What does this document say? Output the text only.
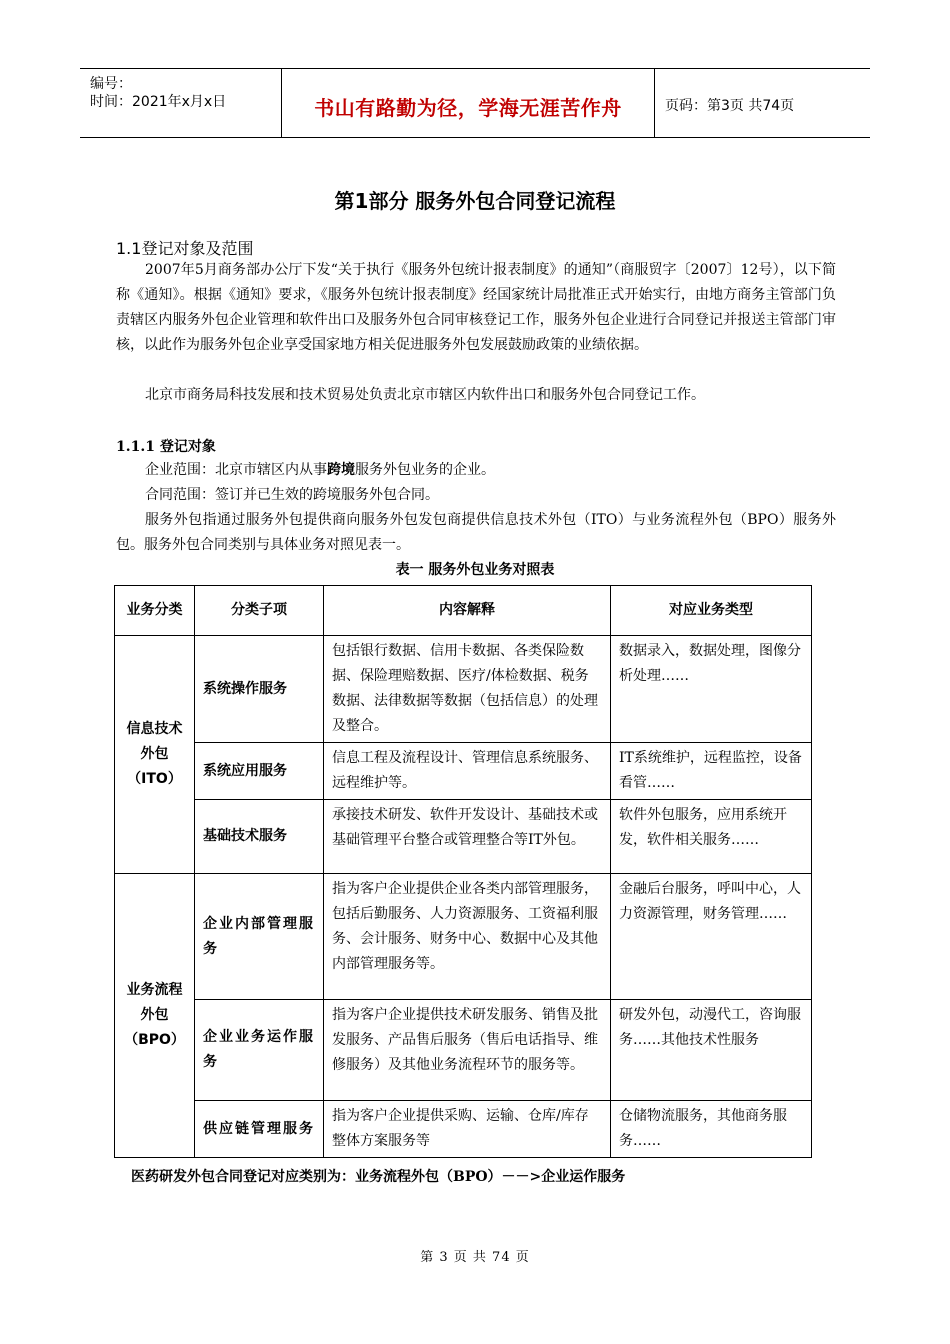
编号：
时间：2021年x月x日	书山有路勤为径，学海无涯苦作舟	页码：第3页 共74页
第1部分 服务外包合同登记流程
1.1登记对象及范围

2007年5月商务部办公厅下发“关于执行《服务外包统计报表制度》的通知”（商服贸字〔2007〕12号），以下简称《通知》。根据《通知》要求，《服务外包统计报表制度》经国家统计局批准正式开始实行，由地方商务主管部门负责辖区内服务外包企业管理和软件出口及服务外包合同审核登记工作，服务外包企业进行合同登记并报送主管部门审核，以此作为服务外包企业享受国家地方相关促进服务外包发展鼓励政策的业绩依据。

北京市商务局科技发展和技术贸易处负责北京市辖区内软件出口和服务外包合同登记工作。

1.1.1 登记对象

企业范围：北京市辖区内从事跨境服务外包业务的企业。

合同范围：签订并已生效的跨境服务外包合同。

服务外包指通过服务外包提供商向服务外包发包商提供信息技术外包（ITO）与业务流程外包（BPO）服务外包。服务外包合同类别与具体业务对照见表一。

表一 服务外包业务对照表
业务分类	分类子项	内容解释	对应业务类型
信息技术外包（ITO）	系统操作服务	包括银行数据、信用卡数据、各类保险数据、保险理赔数据、医疗/体检数据、税务数据、法律数据等数据（包括信息）的处理及整合。	数据录入，数据处理，图像分析处理……
	系统应用服务	信息工程及流程设计、管理信息系统服务、远程维护等。	IT系统维护，远程监控，设备看管……
	基础技术服务	承接技术研发、软件开发设计、基础技术或基础管理平台整合或管理整合等IT外包。	软件外包服务，应用系统开发，软件相关服务……
业务流程外包（BPO）	企业内部管理服务	指为客户企业提供企业各类内部管理服务，包括后勤服务、人力资源服务、工资福利服务、会计服务、财务中心、数据中心及其他内部管理服务等。	金融后台服务，呼叫中心，人力资源管理，财务管理……
	企业业务运作服务	指为客户企业提供技术研发服务、销售及批发服务、产品售后服务（售后电话指导、维修服务）及其他业务流程环节的服务等。	研发外包，动漫代工，咨询服务……其他技术性服务
	供应链管理服务	指为客户企业提供采购、运输、仓库/库存整体方案服务等	仓储物流服务，其他商务服务……
医药研发外包合同登记对应类别为：业务流程外包（BPO）－－>企业运作服务
第 3 页 共 74 页
